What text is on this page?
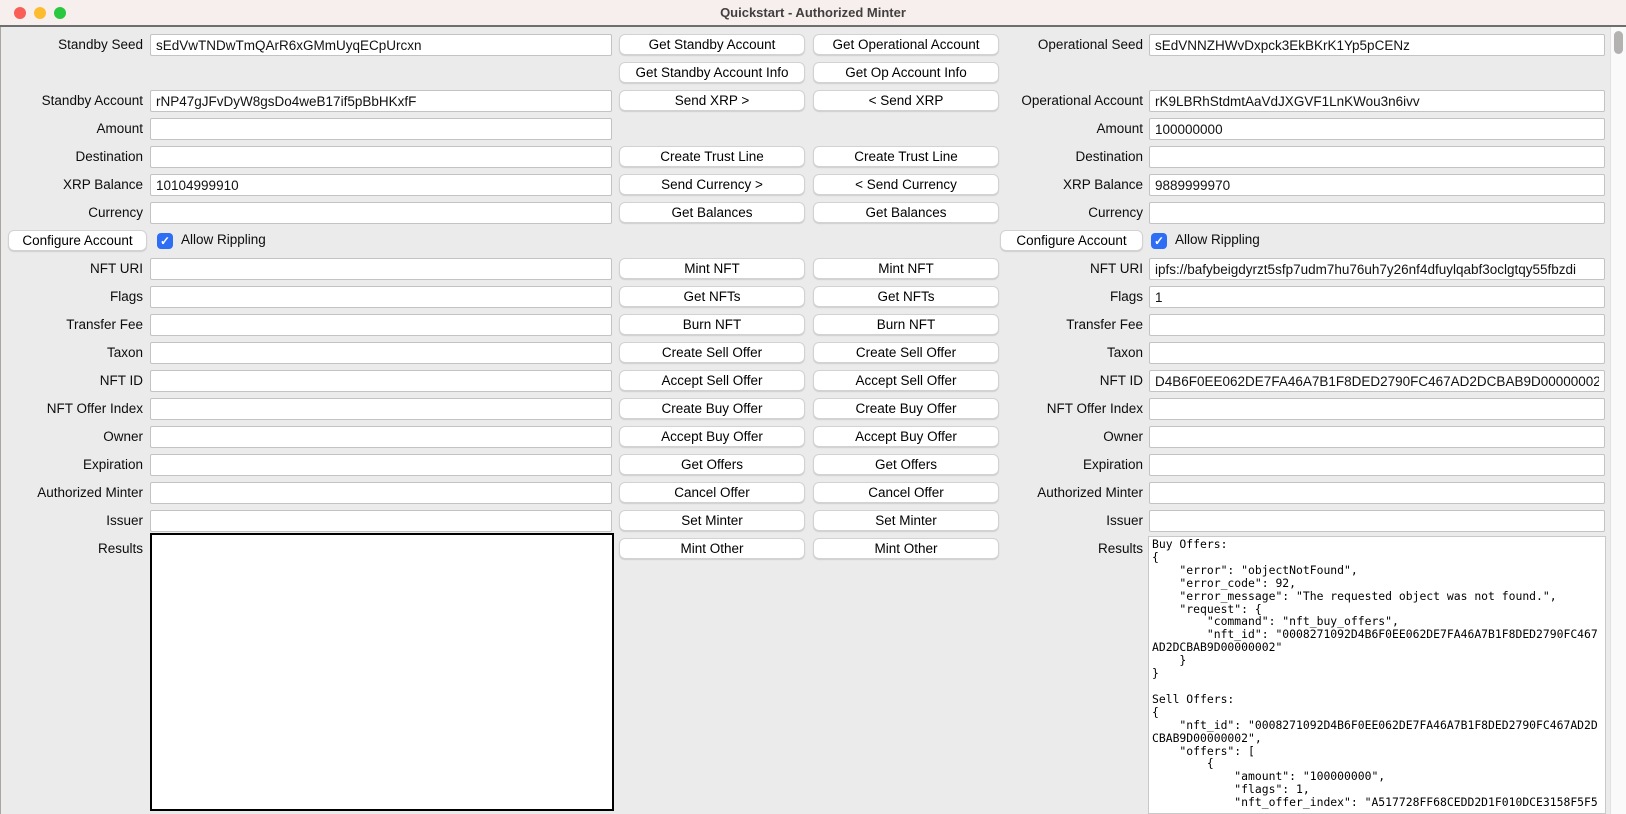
Quickstart - Authorized Minter
Standby Seed
sEdVwTNDwTmQArR6xGMmUyqECpUrcxn
Standby Account
rNP47gJFvDyW8gsDo4weB17if5pBbHKxfF
Amount
Destination
XRP Balance
10104999910
Currency
Configure Account ✓	Allow Rippling
NFT URI
Flags
Transfer Fee
Taxon
NFT ID
NFT Offer Index
Owner
Expiration
Authorized Minter
Issuer
Results
Get Standby Account
Get Standby Account Info
Send XRP >
Create Trust Line
Send Currency >
Get Balances
Mint NFT
Get NFTs
Burn NFT
Create Sell Offer
Accept Sell Offer
Create Buy Offer
Accept Buy Offer
Get Offers
Cancel Offer
Set Minter
Mint Other
Get Operational Account
Get Op Account Info
< Send XRP
Create Trust Line
< Send Currency
Get Balances
Mint NFT
Get NFTs
Burn NFT
Create Sell Offer
Accept Sell Offer
Create Buy Offer
Accept Buy Offer
Get Offers
Cancel Offer
Set Minter
Mint Other
Operational Seed
sEdVNNZHWvDxpck3EkBKrK1Yp5pCENz
Operational Account
rK9LBRhStdmtAaVdJXGVF1LnKWou3n6ivv
Amount
100000000
Destination
XRP Balance
9889999970
Currency
Configure Account ✓	Allow Rippling
NFT URI
ipfs://bafybeigdyrzt5sfp7udm7hu76uh7y26nf4dfuylqabf3oclgtqy55fbzdi
Flags
1
Transfer Fee
Taxon
NFT ID
D4B6F0EE062DE7FA46A7B1F8DED2790FC467AD2DCBAB9D00000002
NFT Offer Index
Owner
Expiration
Authorized Minter
Issuer
Results
Buy Offers: { "error": "objectNotFound", "error_code": 92, "error_message": "The requested object was not found.", "request": { "command": "nft_buy_offers", "nft_id": "0008271092D4B6F0EE062DE7FA46A7B1F8DED2790FC467 AD2DCBAB9D00000002" } } Sell Offers: { "nft_id": "0008271092D4B6F0EE062DE7FA46A7B1F8DED2790FC467AD2D CBAB9D00000002", "offers": [ { "amount": "100000000", "flags": 1, "nft_offer_index": "A517728FF68CEDD2D1F010DCE3158F5F5
